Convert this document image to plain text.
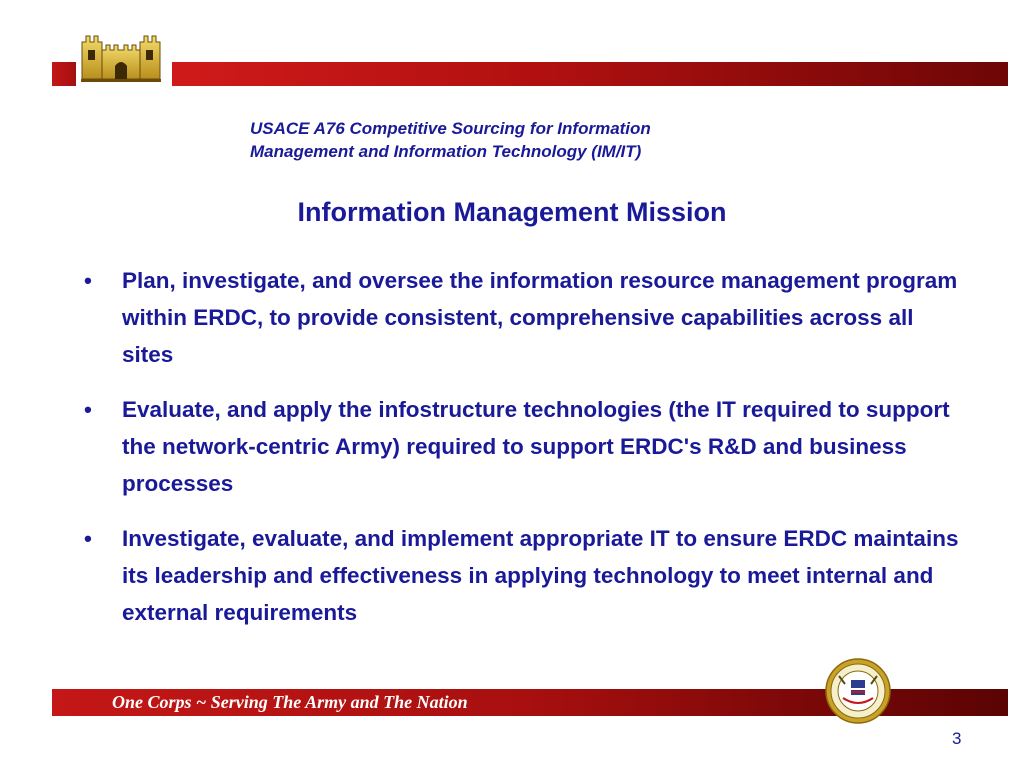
US Army Corps of Engineers
USACE A76 Competitive Sourcing for Information
Management and Information Technology (IM/IT)
Information Management Mission
•	Plan, investigate, and oversee the information resource management program within ERDC, to provide consistent, comprehensive capabilities across all sites
•	Evaluate, and apply the infostructure technologies (the IT required to support the network-centric Army) required to support ERDC's R&D and business processes
•	Investigate, evaluate, and implement appropriate IT to ensure ERDC maintains its leadership and effectiveness in applying technology to meet internal and external requirements
One Corps ~ Serving The Army and The Nation
3
